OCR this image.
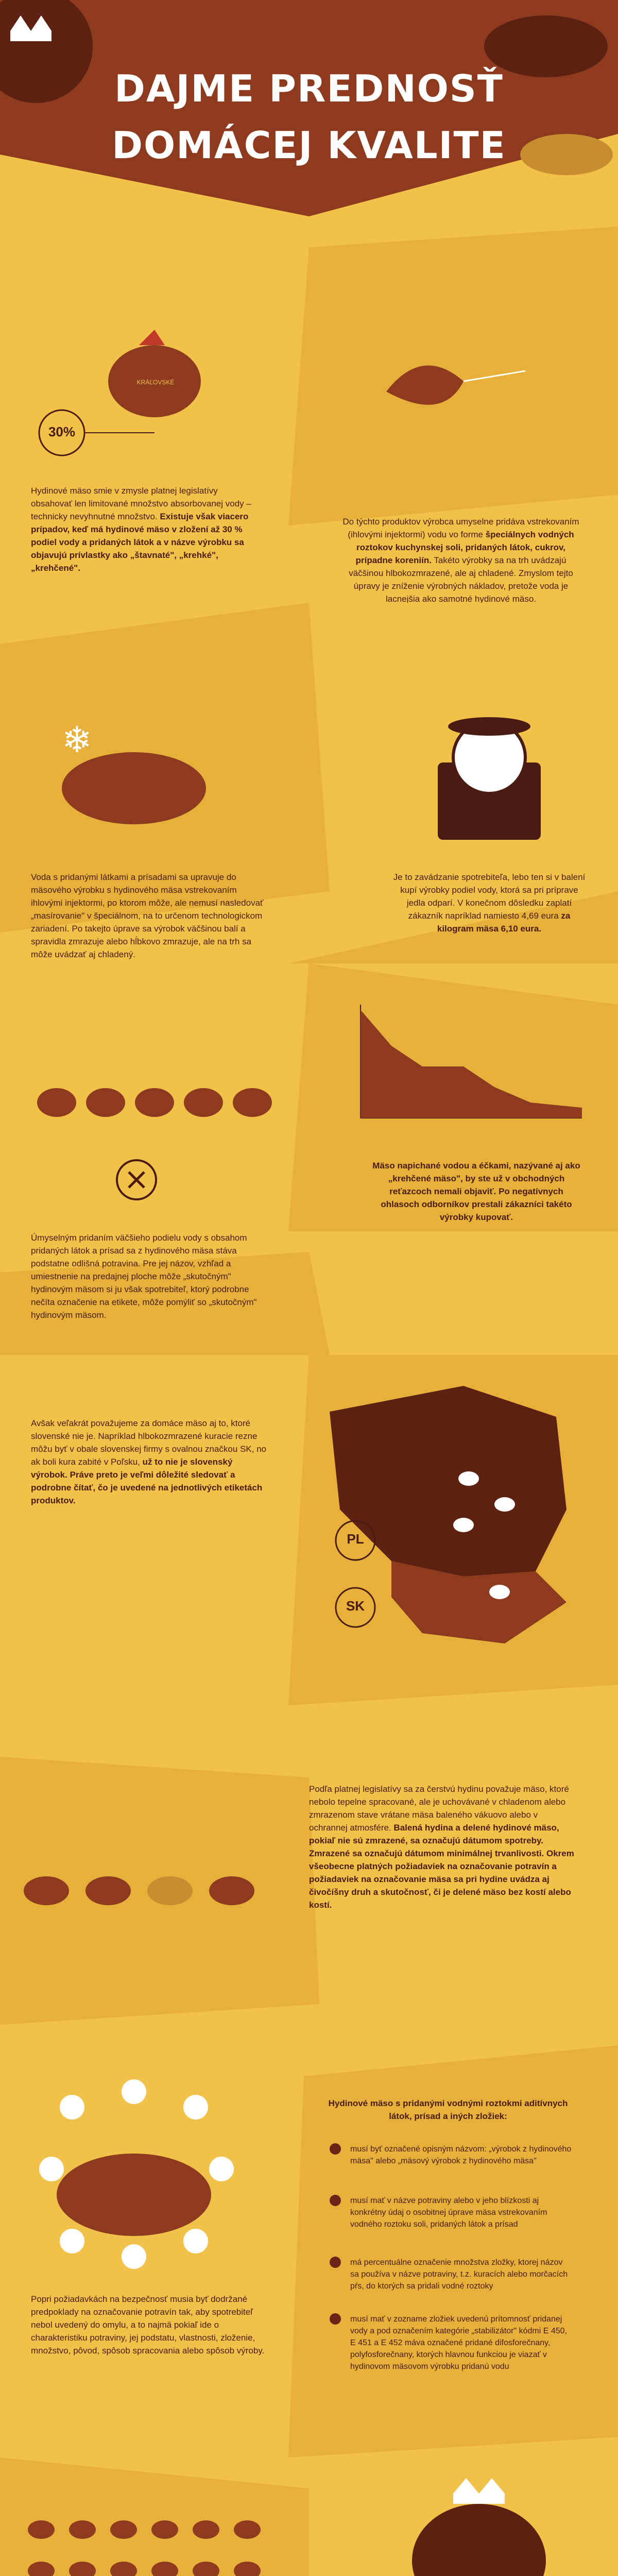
DAJME PREDNOSŤ
DOMÁCEJ KVALITE
30%
KRÁĽOVSKÉ
Hydinové mäso smie v zmysle platnej legislatívy obsahovať len limitované množstvo absorbovanej vody – technicky nevyhnutné množstvo. Existuje však viacero prípadov, keď má hydinové mäso v zložení až 30 % podiel vody a pridaných látok a v názve výrobku sa objavujú prívlastky ako „štavnaté", „krehké", „krehčené".
Do týchto produktov výrobca umyselne pridáva vstrekovaním (ihlovými injektormi) vodu vo forme špeciálnych vodných roztokov kuchynskej soli, pridaných látok, cukrov, prípadne koreniín. Takéto výrobky sa na trh uvádzajú väčšinou hlbokozmrazené, ale aj chladené. Zmyslom tejto úpravy je zníženie výrobných nákladov, pretože voda je lacnejšia ako samotné hydinové mäso.
❄
Voda s pridanými látkami a prísadami sa upravuje do mäsového výrobku s hydinového mäsa vstrekovaním ihlovými injektormi, po ktorom môže, ale nemusí nasledovať „masírovanie" v špeciálnom, na to určenom technologickom zariadení. Po takejto úprave sa výrobok väčšinou balí a spravidla zmrazuje alebo hĺbkovo zmrazuje, ale na trh sa môže uvádzať aj chladený.
Je to zavádzanie spotrebiteľa, lebo ten si v balení kupí výrobky podiel vody, ktorá sa pri príprave jedla odparí. V konečnom dôsledku zaplatí zákazník napríklad namiesto 4,69 eura za kilogram mäsa 6,10 eura.
Úmyselným pridaním väčšieho podielu vody s obsahom pridaných látok a prísad sa z hydinového mäsa stáva podstatne odlišná potravina. Pre jej názov, vzhľad a umiestnenie na predajnej ploche môže „skutočným" hydinovým mäsom si ju však spotrebiteľ, ktorý podrobne nečíta označenie na etikete, môže pomýliť so „skutočným" hydinovým mäsom.
Mäso napichané vodou a éčkami, nazývané aj ako „krehčené mäso", by ste už v obchodných reťazcoch nemali objaviť. Po negatívnych ohlasoch odborníkov prestali zákazníci takéto výrobky kupovať.
PL
SK
Avšak veľakrát považujeme za domáce mäso aj to, ktoré slovenské nie je. Napríklad hlbokozmrazené kuracie rezne môžu byť v obale slovenskej firmy s ovalnou značkou SK, no ak boli kura zabité v Poľsku, už to nie je slovenský výrobok. Práve preto je veľmi dôležité sledovať a podrobne čítať, čo je uvedené na jednotlivých etiketách produktov.
Podľa platnej legislatívy sa za čerstvú hydinu považuje mäso, ktoré nebolo tepelne spracované, ale je uchovávané v chladenom alebo zmrazenom stave vrátane mäsa baleného vákuovo alebo v ochrannej atmosfére. Balená hydina a delené hydinové mäso, pokiaľ nie sú zmrazené, sa označujú dátumom spotreby. Zmrazené sa označujú dátumom minimálnej trvanlivosti. Okrem všeobecne platných požiadaviek na označovanie potravín a požiadaviek na označovanie mäsa sa pri hydine uvádza aj čivočíšny druh a skutočnosť, či je delené mäso bez kostí alebo kostí.
Popri požiadavkách na bezpečnosť musia byť dodržané predpoklady na označovanie potravín tak, aby spotrebiteľ nebol uvedený do omylu, a to najmä pokiaľ ide o charakteristiku potraviny, jej podstatu, vlastnosti, zloženie, množstvo, pôvod, spôsob spracovania alebo spôsob výroby.
Hydinové mäso s pridanými vodnými roztokmi aditívnych látok, prísad a iných zložiek:
musí byť označené opisným názvom: „výrobok z hydinového mäsa" alebo „mäsový výrobok z hydinového mäsa"
musí mať v názve potraviny alebo v jeho blízkosti aj konkrétny údaj o osobitnej úprave mäsa vstrekovaním vodného roztoku soli, pridaných látok a prísad
má percentuálne označenie množstva zložky, ktorej názov sa používa v názve potraviny, t.z. kuracích alebo morčacích pŕs, do ktorých sa pridali vodné roztoky
musí mať v zozname zložiek uvedenú prítomnosť pridanej vody a pod označením kategórie „stabilizátor" kódmi E 450, E 451 a E 452 máva označené pridané difosforečnany, polyfosforečnany, ktorých hlavnou funkciou je viazať v hydinovom mäsovom výrobku pridanú vodu
